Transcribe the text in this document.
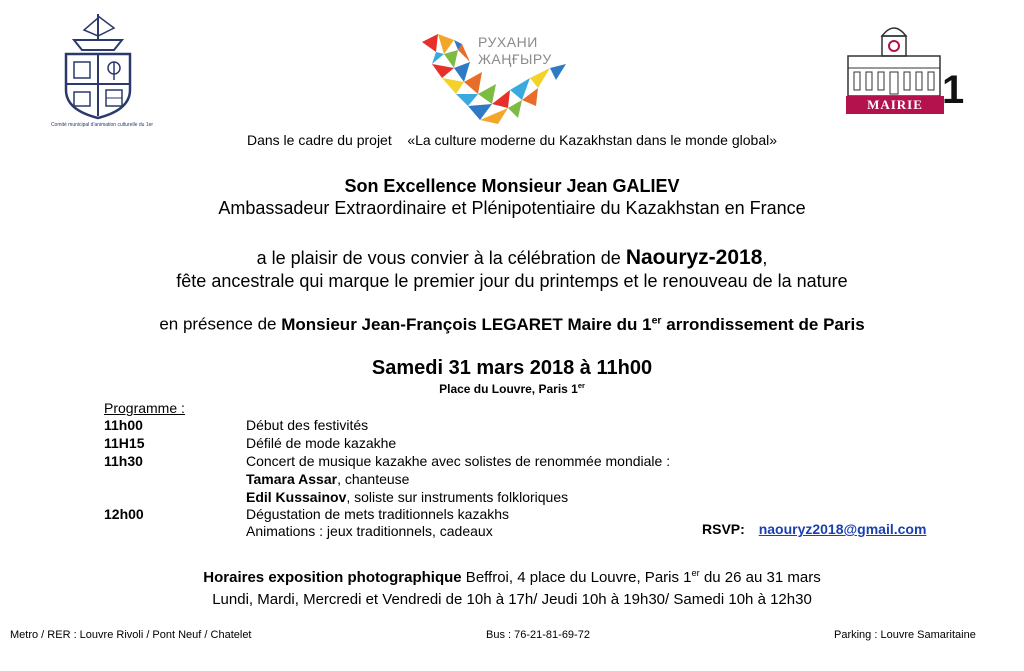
Comité municipal d'animation culturelle du 1er
РУХАНИ
ЖАҢҒЫРУ
MAIRIE 1
Dans le cadre du projet «La culture moderne du Kazakhstan dans le monde global»
Son Excellence Monsieur Jean GALIEV
Ambassadeur Extraordinaire et Plénipotentiaire du Kazakhstan en France
a le plaisir de vous convier à la célébration de Naouryz-2018,
fête ancestrale qui marque le premier jour du printemps et le renouveau de la nature
en présence de Monsieur Jean-François LEGARET Maire du 1er arrondissement de Paris
Samedi 31 mars 2018 à 11h00
Place du Louvre, Paris 1er
Programme :
11h00	Début des festivités
11H15	Défilé de mode kazakhe
11h30	Concert de musique kazakhe avec solistes de renommée mondiale :
Tamara Assar, chanteuse
Edil Kussainov, soliste sur instruments folkloriques
12h00	Dégustation de mets traditionnels kazakhs
Animations : jeux traditionnels, cadeaux	RSVP: naouryz2018@gmail.com
Horaires exposition photographique Beffroi, 4 place du Louvre, Paris 1er du 26 au 31 mars
Lundi, Mardi, Mercredi et Vendredi de 10h à 17h/ Jeudi 10h à 19h30/ Samedi 10h à 12h30
Metro / RER : Louvre Rivoli / Pont Neuf / Chatelet	Bus : 76-21-81-69-72	Parking : Louvre Samaritaine
